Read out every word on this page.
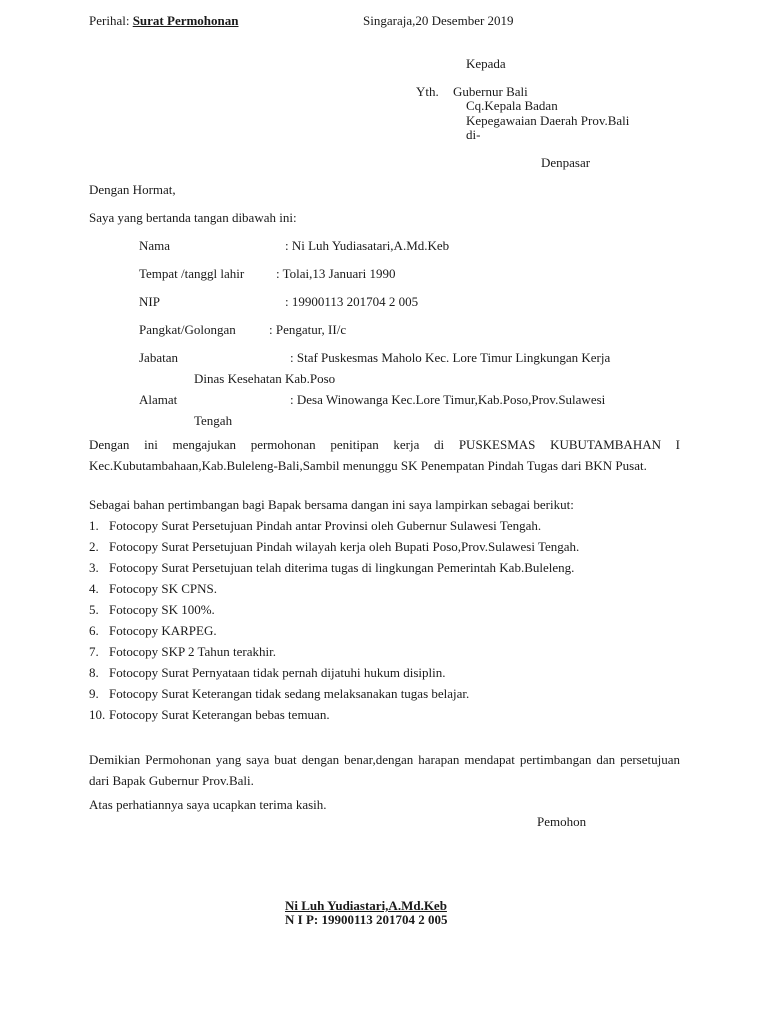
Perihal: Surat Permohonan	Singaraja,20 Desember 2019
Kepada
Yth. Gubernur Bali
Cq.Kepala Badan
Kepegawaian Daerah Prov.Bali
di-
Denpasar
Dengan Hormat,
Saya yang bertanda tangan dibawah ini:
Nama	: Ni Luh Yudiasatari,A.Md.Keb
Tempat /tanggl lahir : Tolai,13 Januari 1990
NIP	: 19900113 201704 2 005
Pangkat/Golongan	: Pengatur, II/c
Jabatan	: Staf Puskesmas Maholo Kec. Lore Timur Lingkungan Kerja
Dinas Kesehatan Kab.Poso
Alamat	: Desa Winowanga Kec.Lore Timur,Kab.Poso,Prov.Sulawesi
Tengah
Dengan ini mengajukan permohonan penitipan kerja di PUSKESMAS KUBUTAMBAHAN I Kec.Kubutambahaan,Kab.Buleleng-Bali,Sambil menunggu SK Penempatan Pindah Tugas dari BKN Pusat.
Sebagai bahan pertimbangan bagi Bapak bersama dangan ini saya lampirkan sebagai berikut:
1. Fotocopy Surat Persetujuan Pindah antar Provinsi oleh Gubernur Sulawesi Tengah.
2. Fotocopy Surat Persetujuan Pindah wilayah kerja oleh Bupati Poso,Prov.Sulawesi Tengah.
3. Fotocopy Surat Persetujuan telah diterima tugas di lingkungan Pemerintah Kab.Buleleng.
4. Fotocopy SK CPNS.
5. Fotocopy SK 100%.
6. Fotocopy KARPEG.
7. Fotocopy SKP 2 Tahun terakhir.
8. Fotocopy Surat Pernyataan tidak pernah dijatuhi hukum disiplin.
9. Fotocopy Surat Keterangan tidak sedang melaksanakan tugas belajar.
10. Fotocopy Surat Keterangan bebas temuan.
Demikian Permohonan yang saya buat dengan benar,dengan harapan mendapat pertimbangan dan persetujuan dari Bapak Gubernur Prov.Bali.
Atas perhatiannya saya ucapkan terima kasih.
Pemohon
Ni Luh Yudiastari,A.Md.Keb
N I P: 19900113 201704 2 005
